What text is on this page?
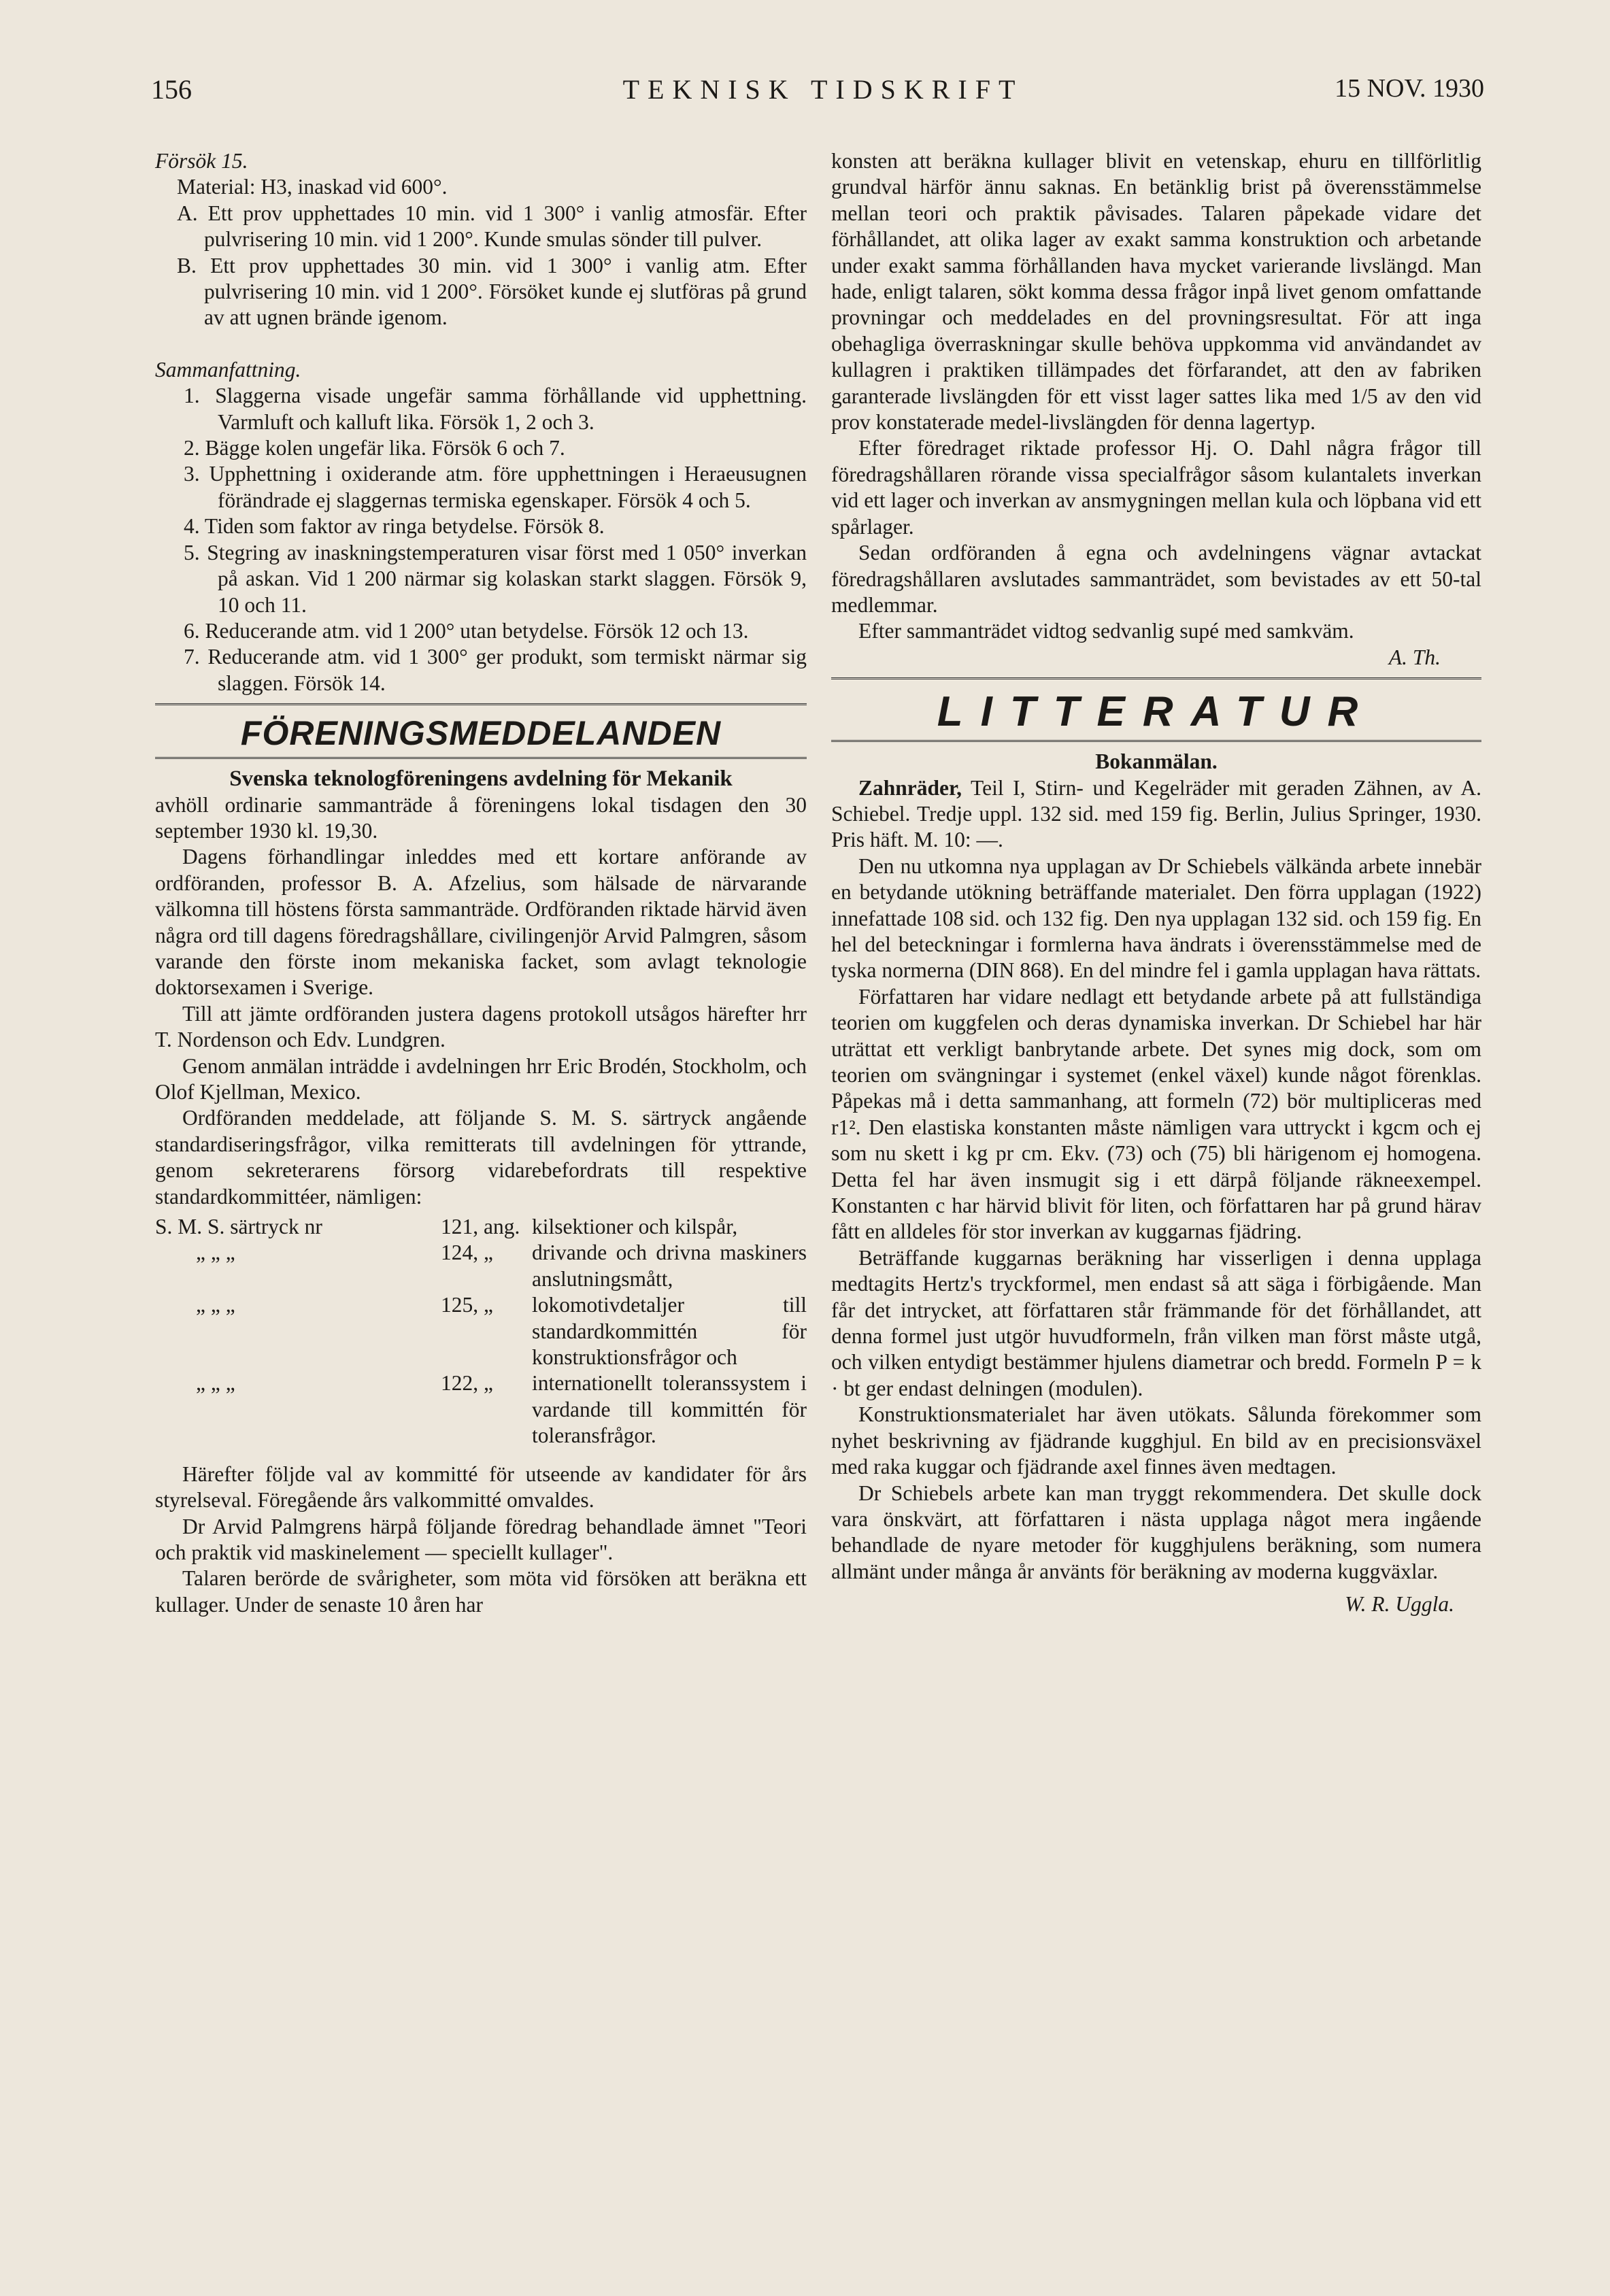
156	TEKNISK TIDSKRIFT	15 NOV. 1930

Försök 15.

Material: H3, inaskad vid 600°.

A. Ett prov upphettades 10 min. vid 1 300° i vanlig atmosfär. Efter pulvrisering 10 min. vid 1 200°. Kunde smulas sönder till pulver.

B. Ett prov upphettades 30 min. vid 1 300° i vanlig atm. Efter pulvrisering 10 min. vid 1 200°. Försöket kunde ej slutföras på grund av att ugnen brände igenom.

Sammanfattning.

1. Slaggerna visade ungefär samma förhållande vid upphettning. Varmluft och kalluft lika. Försök 1, 2 och 3.

2. Bägge kolen ungefär lika. Försök 6 och 7.

3. Upphettning i oxiderande atm. före upphettningen i Heraeusugnen förändrade ej slaggernas termiska egenskaper. Försök 4 och 5.

4. Tiden som faktor av ringa betydelse. Försök 8.

5. Stegring av inaskningstemperaturen visar först med 1 050° inverkan på askan. Vid 1 200 närmar sig kolaskan starkt slaggen. Försök 9, 10 och 11.

6. Reducerande atm. vid 1 200° utan betydelse. Försök 12 och 13.

7. Reducerande atm. vid 1 300° ger produkt, som termiskt närmar sig slaggen. Försök 14.

FÖRENINGSMEDDELANDEN

Svenska teknologföreningens avdelning för Mekanik

avhöll ordinarie sammanträde å föreningens lokal tisdagen den 30 september 1930 kl. 19,30.

Dagens förhandlingar inleddes med ett kortare anförande av ordföranden, professor B. A. Afzelius, som hälsade de närvarande välkomna till höstens första sammanträde. Ordföranden riktade härvid även några ord till dagens föredragshållare, civilingenjör Arvid Palmgren, såsom varande den förste inom mekaniska facket, som avlagt teknologie doktorsexamen i Sverige.

Till att jämte ordföranden justera dagens protokoll utsågos härefter hrr T. Nordenson och Edv. Lundgren.

Genom anmälan inträdde i avdelningen hrr Eric Brodén, Stockholm, och Olof Kjellman, Mexico.

Ordföranden meddelade, att följande S. M. S. särtryck angående standardiseringsfrågor, vilka remitterats till avdelningen för yttrande, genom sekreterarens försorg vidarebefordrats till respektive standardkommittéer, nämligen:

S. M. S. särtryck nr	121, ang.	kilsektioner och kilspår,
„ „ „	124, „	drivande och drivna maskiners anslutningsmått,
„ „ „	125, „	lokomotivdetaljer till standardkommittén för konstruktionsfrågor och
„ „ „	122, „	internationellt toleranssystem i vardande till kommittén för toleransfrågor.

Härefter följde val av kommitté för utseende av kandidater för års styrelseval. Föregående års valkommitté omvaldes.

Dr Arvid Palmgrens härpå följande föredrag behandlade ämnet "Teori och praktik vid maskinelement — speciellt kullager".

Talaren berörde de svårigheter, som möta vid försöken att beräkna ett kullager. Under de senaste 10 åren har

konsten att beräkna kullager blivit en vetenskap, ehuru en tillförlitlig grundval härför ännu saknas. En betänklig brist på överensstämmelse mellan teori och praktik påvisades. Talaren påpekade vidare det förhållandet, att olika lager av exakt samma konstruktion och arbetande under exakt samma förhållanden hava mycket varierande livslängd. Man hade, enligt talaren, sökt komma dessa frågor inpå livet genom omfattande provningar och meddelades en del provningsresultat. För att inga obehagliga överraskningar skulle behöva uppkomma vid användandet av kullagren i praktiken tillämpades det förfarandet, att den av fabriken garanterade livslängden för ett visst lager sattes lika med 1/5 av den vid prov konstaterade medel-livslängden för denna lagertyp.

Efter föredraget riktade professor Hj. O. Dahl några frågor till föredragshållaren rörande vissa specialfrågor såsom kulantalets inverkan vid ett lager och inverkan av ansmygningen mellan kula och löpbana vid ett spårlager.

Sedan ordföranden å egna och avdelningens vägnar avtackat föredragshållaren avslutades sammanträdet, som bevistades av ett 50-tal medlemmar.

Efter sammanträdet vidtog sedvanlig supé med samkväm.

A. Th.

LITTERATUR

Bokanmälan.

Zahnräder, Teil I, Stirn- und Kegelräder mit geraden Zähnen, av A. Schiebel. Tredje uppl. 132 sid. med 159 fig. Berlin, Julius Springer, 1930. Pris häft. M. 10: —.

Den nu utkomna nya upplagan av Dr Schiebels välkända arbete innebär en betydande utökning beträffande materialet. Den förra upplagan (1922) innefattade 108 sid. och 132 fig. Den nya upplagan 132 sid. och 159 fig. En hel del beteckningar i formlerna hava ändrats i överensstämmelse med de tyska normerna (DIN 868). En del mindre fel i gamla upplagan hava rättats.

Författaren har vidare nedlagt ett betydande arbete på att fullständiga teorien om kuggfelen och deras dynamiska inverkan. Dr Schiebel har här uträttat ett verkligt banbrytande arbete. Det synes mig dock, som om teorien om svängningar i systemet (enkel växel) kunde något förenklas. Påpekas må i detta sammanhang, att formeln (72) bör multipliceras med r1². Den elastiska konstanten måste nämligen vara uttryckt i kgcm och ej som nu skett i kg pr cm. Ekv. (73) och (75) bli härigenom ej homogena. Detta fel har även insmugit sig i ett därpå följande räkneexempel. Konstanten c har härvid blivit för liten, och författaren har på grund härav fått en alldeles för stor inverkan av kuggarnas fjädring.

Beträffande kuggarnas beräkning har visserligen i denna upplaga medtagits Hertz's tryckformel, men endast så att säga i förbigående. Man får det intrycket, att författaren står främmande för det förhållandet, att denna formel just utgör huvudformeln, från vilken man först måste utgå, och vilken entydigt bestämmer hjulens diametrar och bredd. Formeln P = k · bt ger endast delningen (modulen).

Konstruktionsmaterialet har även utökats. Sålunda förekommer som nyhet beskrivning av fjädrande kugghjul. En bild av en precisionsväxel med raka kuggar och fjädrande axel finnes även medtagen.

Dr Schiebels arbete kan man tryggt rekommendera. Det skulle dock vara önskvärt, att författaren i nästa upplaga något mera ingående behandlade de nyare metoder för kugghjulens beräkning, som numera allmänt under många år använts för beräkning av moderna kuggväxlar.

W. R. Uggla.
